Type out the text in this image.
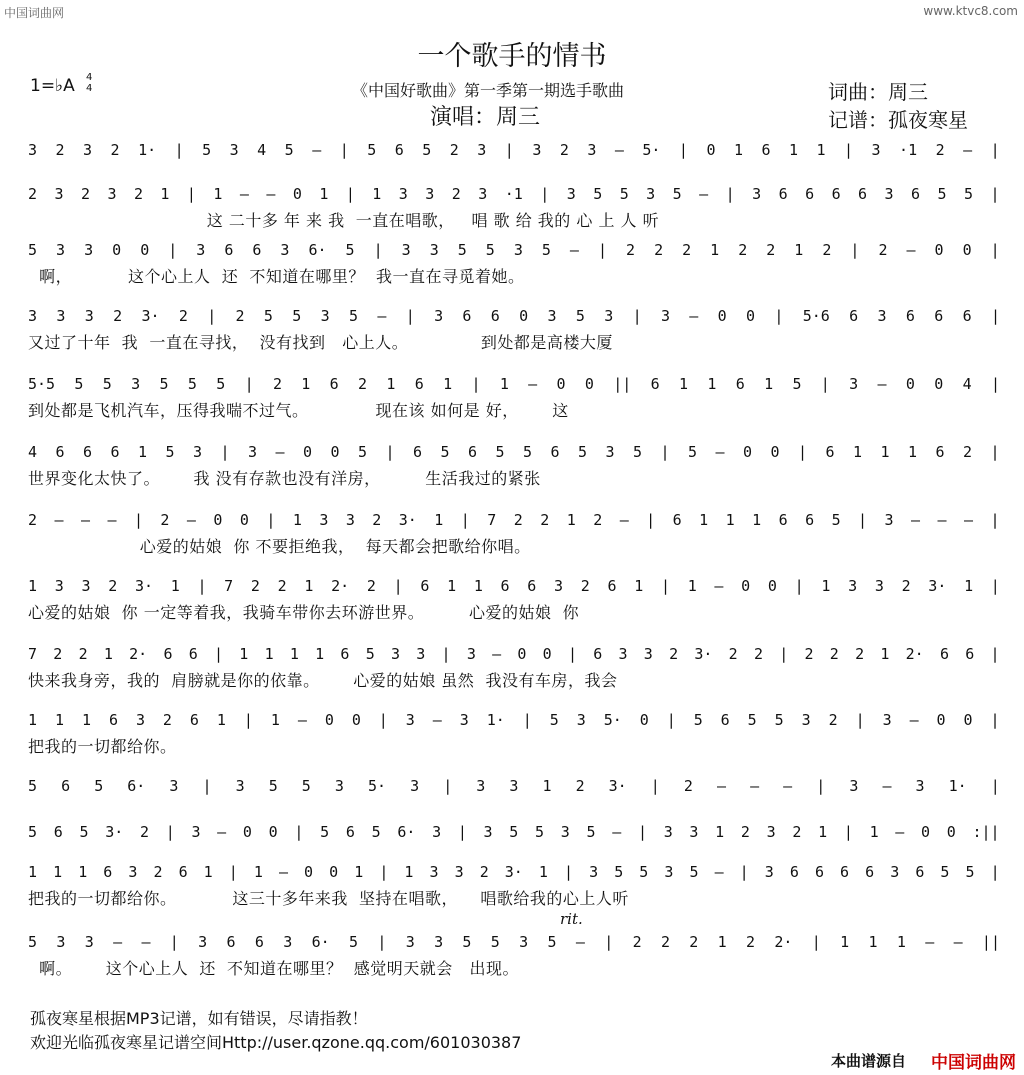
中国词曲网	www.ktvc8.com
一个歌手的情书
1=♭A 4
4	《中国好歌曲》第一季第一期选手歌曲
演唱：周三
词曲：周三
记谱：孤夜寒星
3 2 3 2 1· | 5 3 4 5 – | 5 6 5 2 3 | 3 2 3 – 5· | 0 1 6 1 1 | 3 ·1 2 – |
2 3 2 3 2 1 | 1 – – 0 1 | 1 3 3 2 3 ·1 | 3 5 5 3 5 – | 3 6 6 6 6 3 6 5 5 |
这 二十多 年 来 我  一直在唱歌，   唱 歌 给 我的 心 上 人 听
5 3 3 0 0 | 3 6 6 3 6· 5 | 3 3 5 5 3 5 – | 2 2 2 1 2 2 1 2 | 2 – 0 0 |
啊，          这个心上人  还  不知道在哪里？  我一直在寻觅着她。
3 3 3 2 3· 2 | 2 5 5 3 5 – | 3 6 6 0 3 5 3 | 3 – 0 0 | 5·6 6 3 6 6 6 |
又过了十年  我  一直在寻找，  没有找到   心上人。             到处都是高楼大厦
5·5 5 5 3 5 5 5 | 2 1 6 2 1 6 1 | 1 – 0 0 || 6 1 1 6 1 5 | 3 – 0 0 4 |
到处都是飞机汽车，压得我喘不过气。            现在该 如何是 好，      这
4 6 6 6 1 5 3 | 3 – 0 0 5 | 6 5 6 5 5 6 5 3 5 | 5 – 0 0 | 6 1 1 1 6 2 |
世界变化太快了。      我 没有存款也没有洋房，        生活我过的紧张
2 – – – | 2 – 0 0 | 1 3 3 2 3· 1 | 7 2 2 1 2 – | 6 1 1 1 6 6 5 | 3 – – – |
心爱的姑娘  你 不要拒绝我，  每天都会把歌给你唱。
1 3 3 2 3· 1 | 7 2 2 1 2· 2 | 6 1 1 6 6 3 2 6 1 | 1 – 0 0 | 1 3 3 2 3· 1 |
心爱的姑娘  你 一定等着我，我骑车带你去环游世界。        心爱的姑娘  你
7 2 2 1 2· 6 6 | 1 1 1 1 6 5 3 3 | 3 – 0 0 | 6 3 3 2 3· 2 2 | 2 2 2 1 2· 6 6 |
快来我身旁，我的  肩膀就是你的依靠。      心爱的姑娘 虽然  我没有车房，我会
1 1 1 6 3 2 6 1 | 1 – 0 0 | 3 – 3 1· | 5 3 5· 0 | 5 6 5 5 3 2 | 3 – 0 0 |
把我的一切都给你。
5 6 5 6· 3 | 3 5 5 3 5· 3 | 3 3 1 2 3· | 2 – – – | 3 – 3 1· |
5 6 5 3· 2 | 3 – 0 0 | 5 6 5 6· 3 | 3 5 5 3 5 – | 3 3 1 2 3 2 1 | 1 – 0 0 :||
1 1 1 6 3 2 6 1 | 1 – 0 0 1 | 1 3 3 2 3· 1 | 3 5 5 3 5 – | 3 6 6 6 6 3 6 5 5 |
把我的一切都给你。          这三十多年来我  坚持在唱歌，    唱歌给我的心上人听
5 3 3 – – | 3 6 6 3 6· 5 | 3 3 5 5 3 5 – | 2 2 2 1 2 2· | 1 1 1 – – ||
啊。      这个心上人  还  不知道在哪里？  感觉明天就会   出现。
rit.
孤夜寒星根据MP3记谱，如有错误，尽请指教！
欢迎光临孤夜寒星记谱空间Http://user.qzone.qq.com/601030387
本曲谱源自 中国词曲网
